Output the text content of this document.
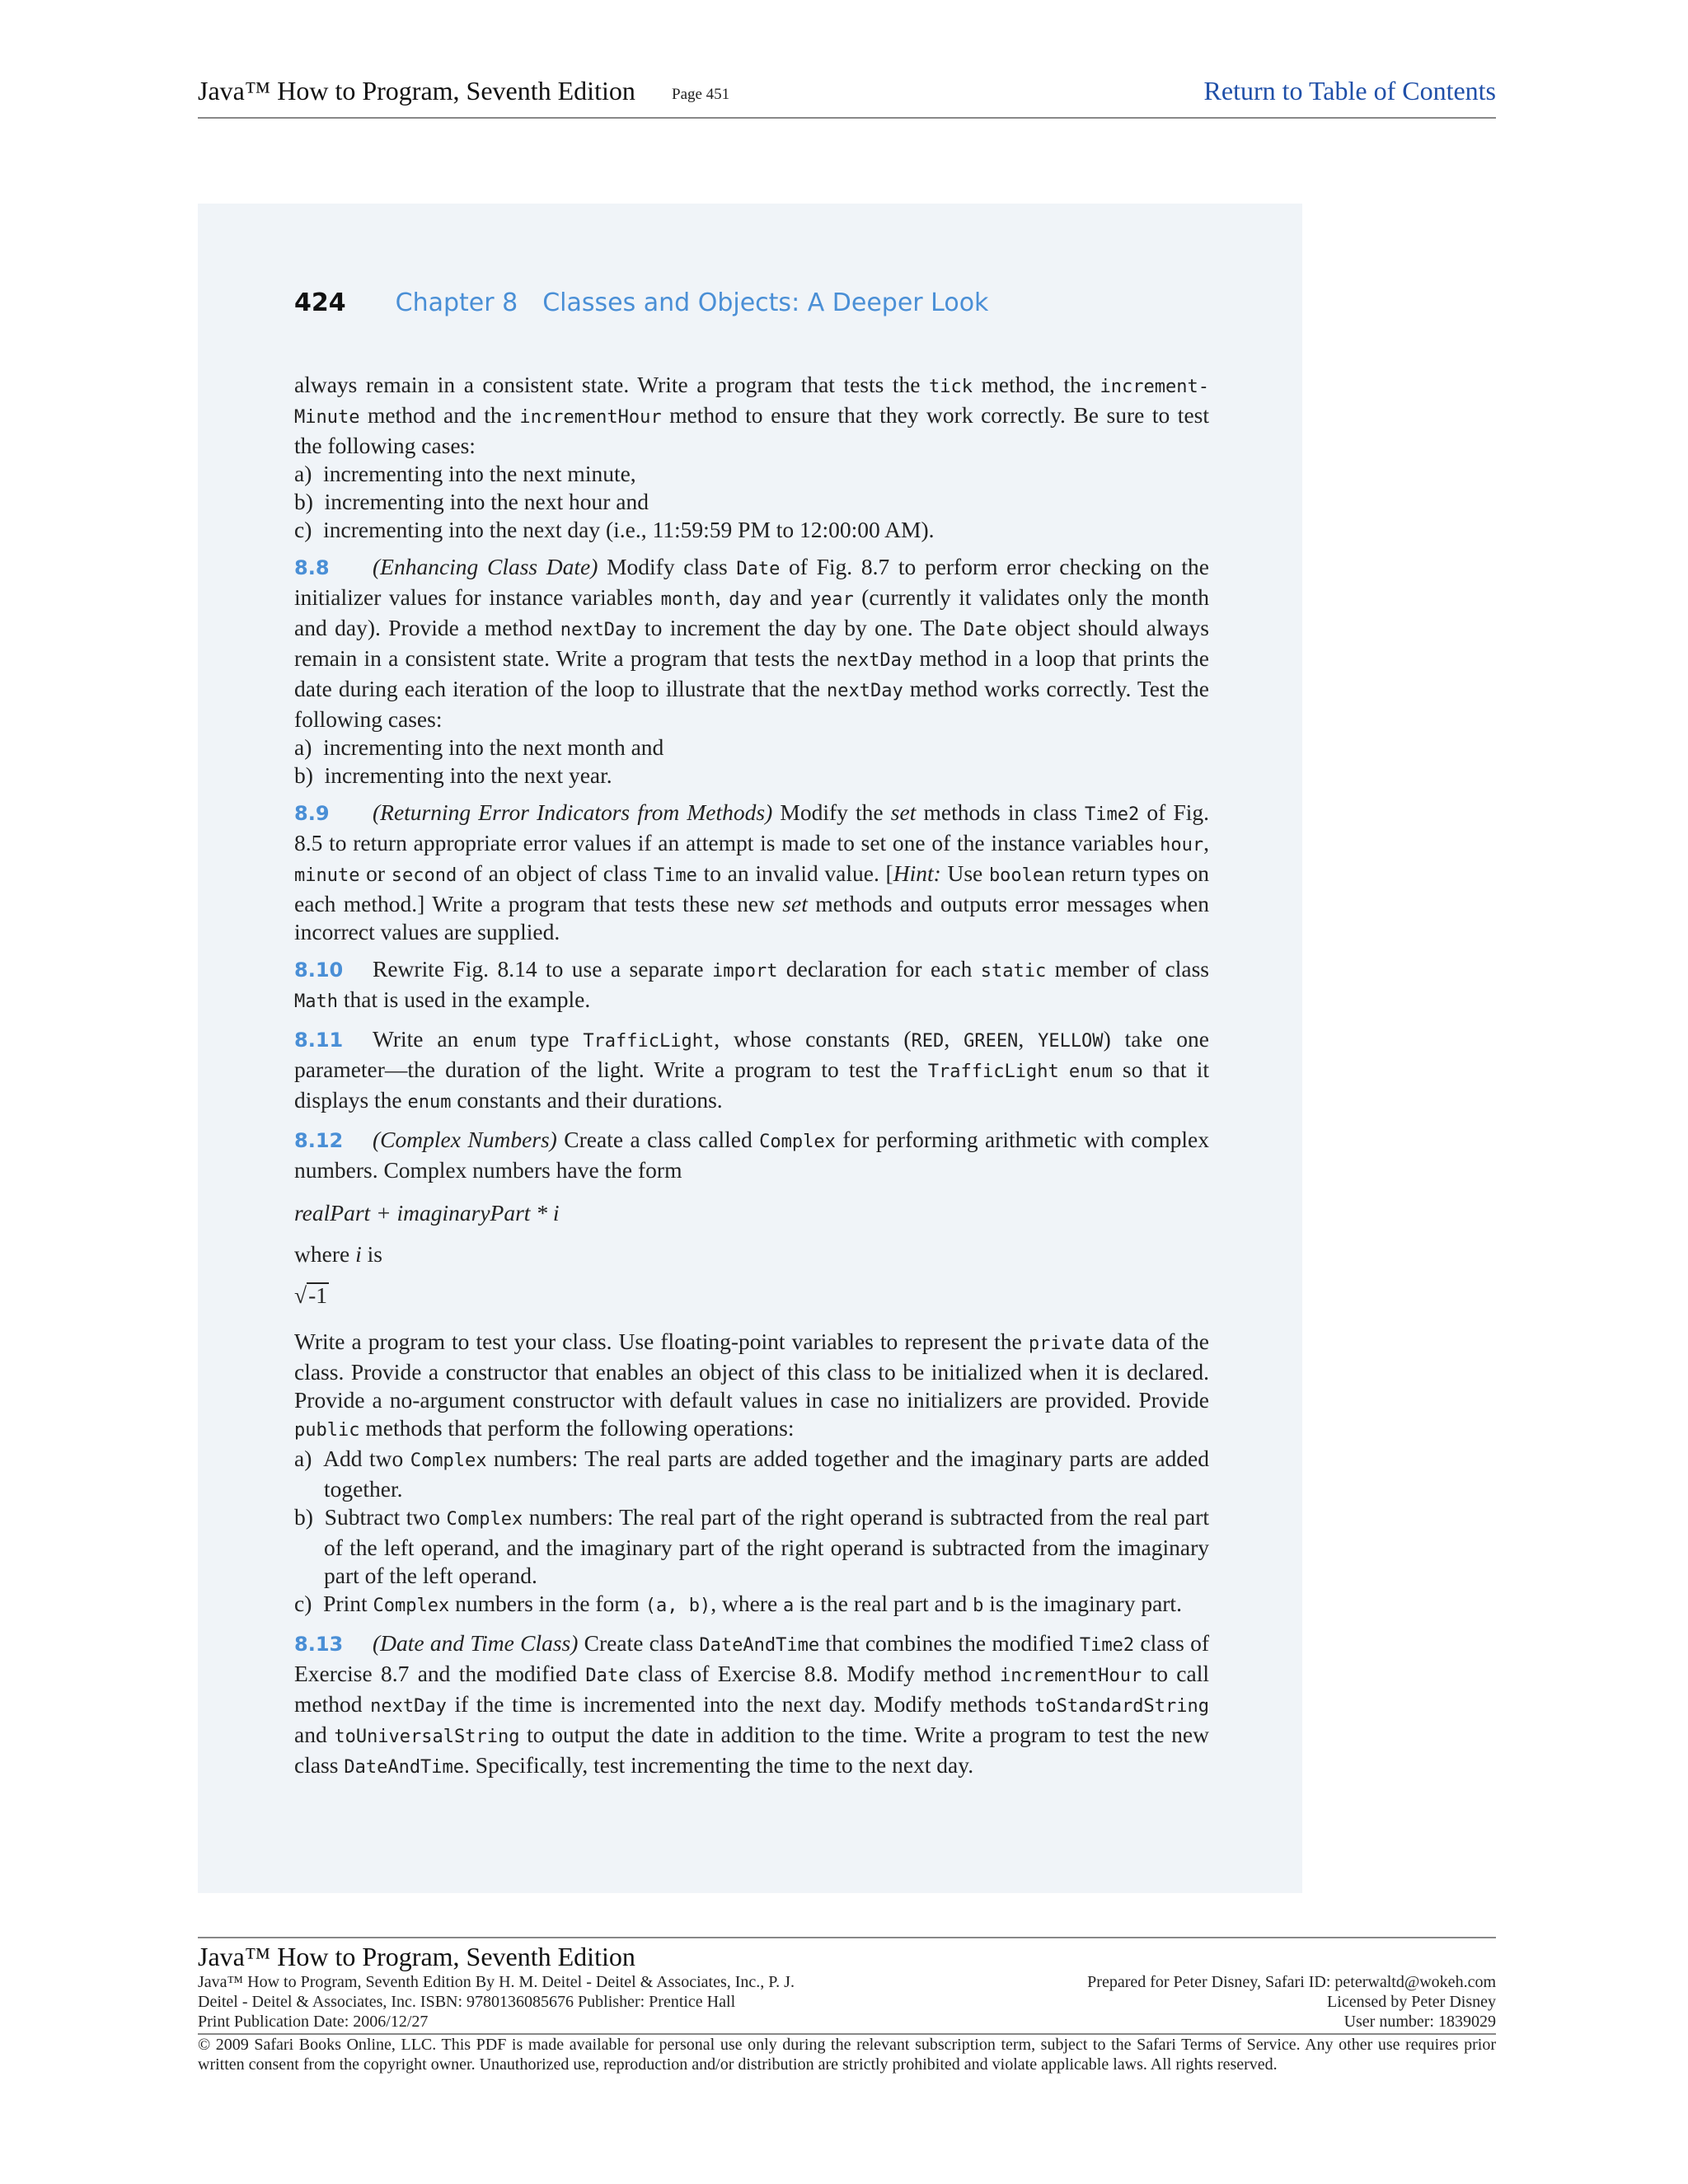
Java™ How to Program, Seventh Edition Page 451	Return to Table of Contents
424 Chapter 8 Classes and Objects: A Deeper Look

always remain in a consistent state. Write a program that tests the tick method, the increment- Minute method and the incrementHour method to ensure that they work correctly. Be sure to test the following cases:

a) incrementing into the next minute,

b) incrementing into the next hour and

c) incrementing into the next day (i.e., 11:59:59 PM to 12:00:00 AM).

8.8 (Enhancing Class Date) Modify class Date of Fig. 8.7 to perform error checking on the initializer values for instance variables month, day and year (currently it validates only the month and day). Provide a method nextDay to increment the day by one. The Date object should always remain in a consistent state. Write a program that tests the nextDay method in a loop that prints the date during each iteration of the loop to illustrate that the nextDay method works correctly. Test the following cases:

a) incrementing into the next month and

b) incrementing into the next year.

8.9 (Returning Error Indicators from Methods) Modify the set methods in class Time2 of Fig. 8.5 to return appropriate error values if an attempt is made to set one of the instance variables hour, minute or second of an object of class Time to an invalid value. [Hint: Use boolean return types on each method.] Write a program that tests these new set methods and outputs error messages when incorrect values are supplied.

8.10 Rewrite Fig. 8.14 to use a separate import declaration for each static member of class Math that is used in the example.

8.11 Write an enum type TrafficLight, whose constants (RED, GREEN, YELLOW) take one parameter—the duration of the light. Write a program to test the TrafficLight enum so that it displays the enum constants and their durations.

8.12 (Complex Numbers) Create a class called Complex for performing arithmetic with complex numbers. Complex numbers have the form

realPart + imaginaryPart * i

where i is

√-1

Write a program to test your class. Use floating-point variables to represent the private data of the class. Provide a constructor that enables an object of this class to be initialized when it is declared. Provide a no-argument constructor with default values in case no initializers are provided. Provide public methods that perform the following operations:

a) Add two Complex numbers: The real parts are added together and the imaginary parts are added together.

b) Subtract two Complex numbers: The real part of the right operand is subtracted from the real part of the left operand, and the imaginary part of the right operand is subtracted from the imaginary part of the left operand.

c) Print Complex numbers in the form (a, b), where a is the real part and b is the imaginary part.

8.13 (Date and Time Class) Create class DateAndTime that combines the modified Time2 class of Exercise 8.7 and the modified Date class of Exercise 8.8. Modify method incrementHour to call method nextDay if the time is incremented into the next day. Modify methods toStandardString and toUniversalString to output the date in addition to the time. Write a program to test the new class DateAndTime. Specifically, test incrementing the time to the next day.

Java™ How to Program, Seventh Edition
Java™ How to Program, Seventh Edition By H. M. Deitel - Deitel & Associates, Inc., P. J.	Prepared for Peter Disney, Safari ID: peterwaltd@wokeh.com
Deitel - Deitel & Associates, Inc. ISBN: 9780136085676 Publisher: Prentice Hall	Licensed by Peter Disney
Print Publication Date: 2006/12/27	User number: 1839029
© 2009 Safari Books Online, LLC. This PDF is made available for personal use only during the relevant subscription term, subject to the Safari Terms of Service. Any other use requires prior written consent from the copyright owner. Unauthorized use, reproduction and/or distribution are strictly prohibited and violate applicable laws. All rights reserved.
